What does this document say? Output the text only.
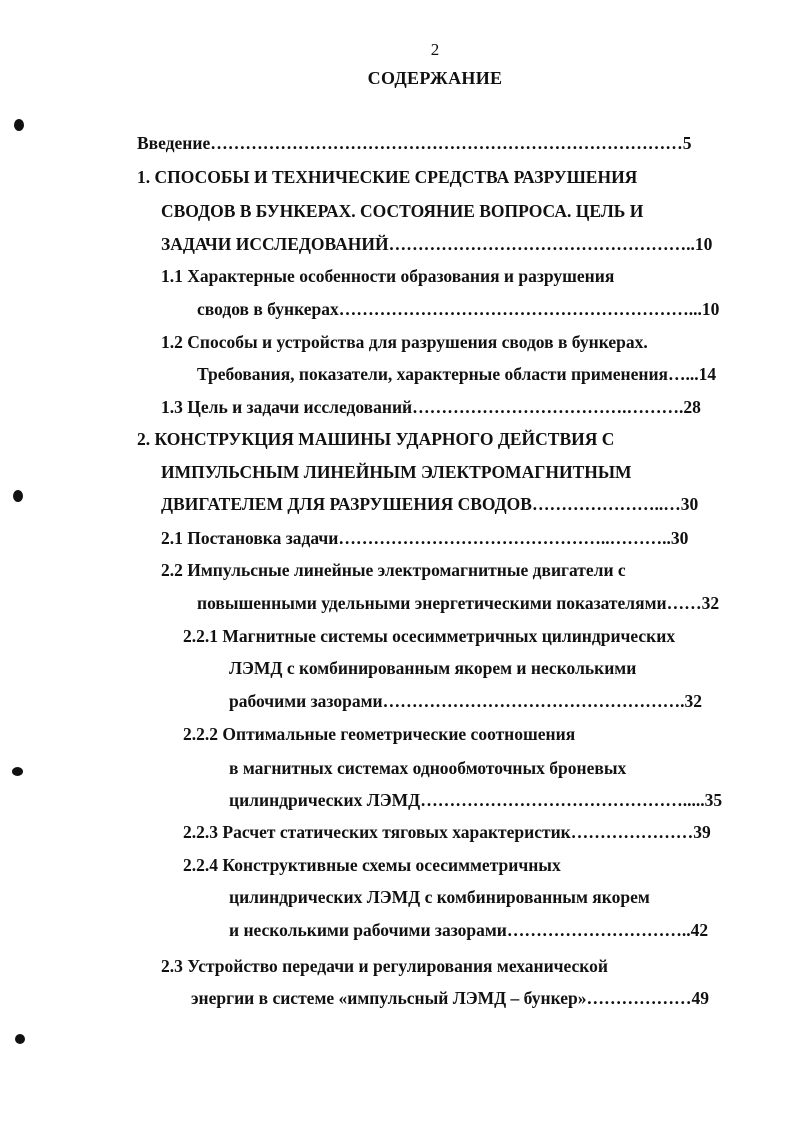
2
СОДЕРЖАНИЕ
Введение………………………………………………………………………5
1. СПОСОБЫ И ТЕХНИЧЕСКИЕ СРЕДСТВА РАЗРУШЕНИЯ
СВОДОВ В БУНКЕРАХ. СОСТОЯНИЕ ВОПРОСА. ЦЕЛЬ И
ЗАДАЧИ ИССЛЕДОВАНИЙ……………………………………………..10
1.1 Характерные особенности образования и разрушения
сводов в бункерах……………………………………………………...10
1.2 Способы и устройства для разрушения сводов в бункерах.
Требования, показатели, характерные области применения…...14
1.3 Цель и задачи исследований……………………………….……….28
2. КОНСТРУКЦИЯ МАШИНЫ УДАРНОГО ДЕЙСТВИЯ С
ИМПУЛЬСНЫМ ЛИНЕЙНЫМ ЭЛЕКТРОМАГНИТНЫМ
ДВИГАТЕЛЕМ ДЛЯ РАЗРУШЕНИЯ СВОДОВ…………………..…30
2.1 Постановка задачи………………………………………..………..30
2.2 Импульсные линейные электромагнитные двигатели с
повышенными удельными энергетическими показателями……32
2.2.1 Магнитные системы осесимметричных цилиндрических
ЛЭМД с комбинированным якорем и несколькими
рабочими зазорами…………………………………………….32
2.2.2 Оптимальные геометрические соотношения
в магнитных системах однообмоточных броневых
цилиндрических ЛЭМД……………………………………….....35
2.2.3 Расчет статических тяговых характеристик…………………39
2.2.4 Конструктивные схемы осесимметричных
цилиндрических ЛЭМД с комбинированным якорем
и несколькими рабочими зазорами…………………………..42
2.3 Устройство передачи и регулирования механической
энергии в системе «импульсный ЛЭМД – бункер»………………49
